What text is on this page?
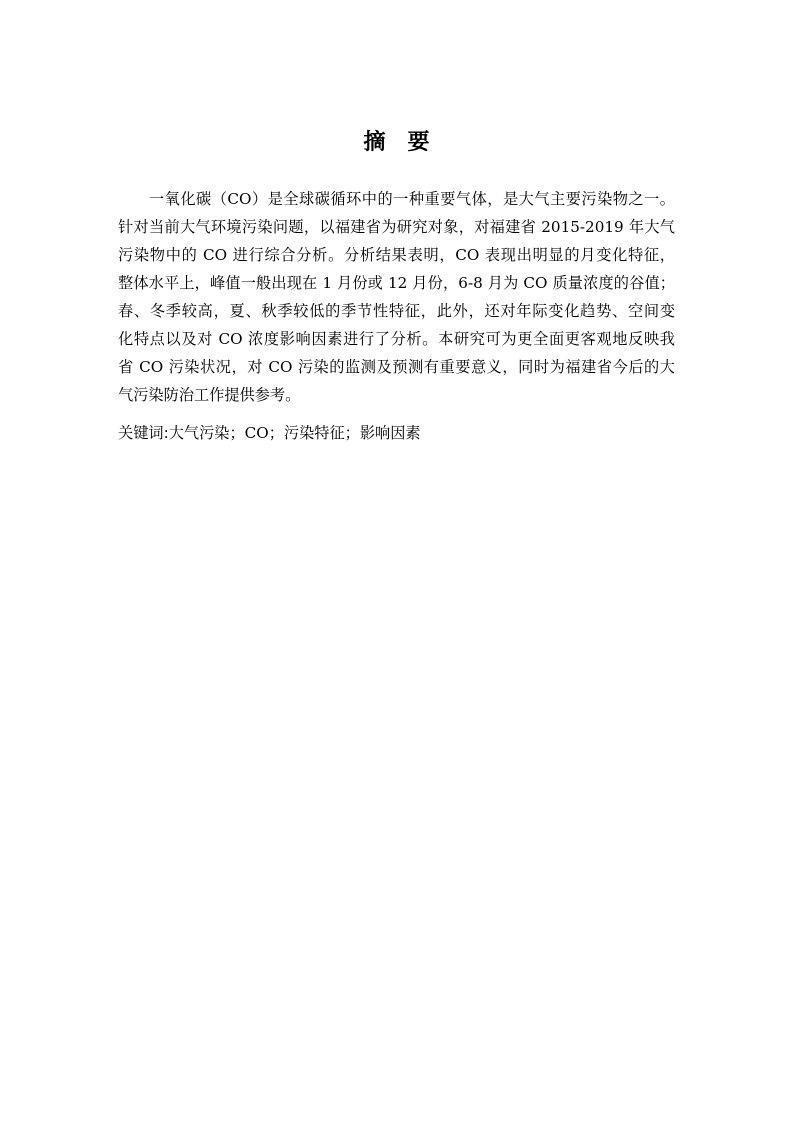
摘要
一氧化碳（CO）是全球碳循环中的一种重要气体，是大气主要污染物之一。
针对当前大气环境污染问题，以福建省为研究对象，对福建省 2015-2019 年大气
污染物中的 CO 进行综合分析。分析结果表明，CO 表现出明显的月变化特征，
整体水平上，峰值一般出现在 1 月份或 12 月份，6-8 月为 CO 质量浓度的谷值；
春、冬季较高，夏、秋季较低的季节性特征，此外，还对年际变化趋势、空间变
化特点以及对 CO 浓度影响因素进行了分析。本研究可为更全面更客观地反映我
省 CO 污染状况，对 CO 污染的监测及预测有重要意义，同时为福建省今后的大
气污染防治工作提供参考。
关键词:大气污染；CO；污染特征；影响因素
